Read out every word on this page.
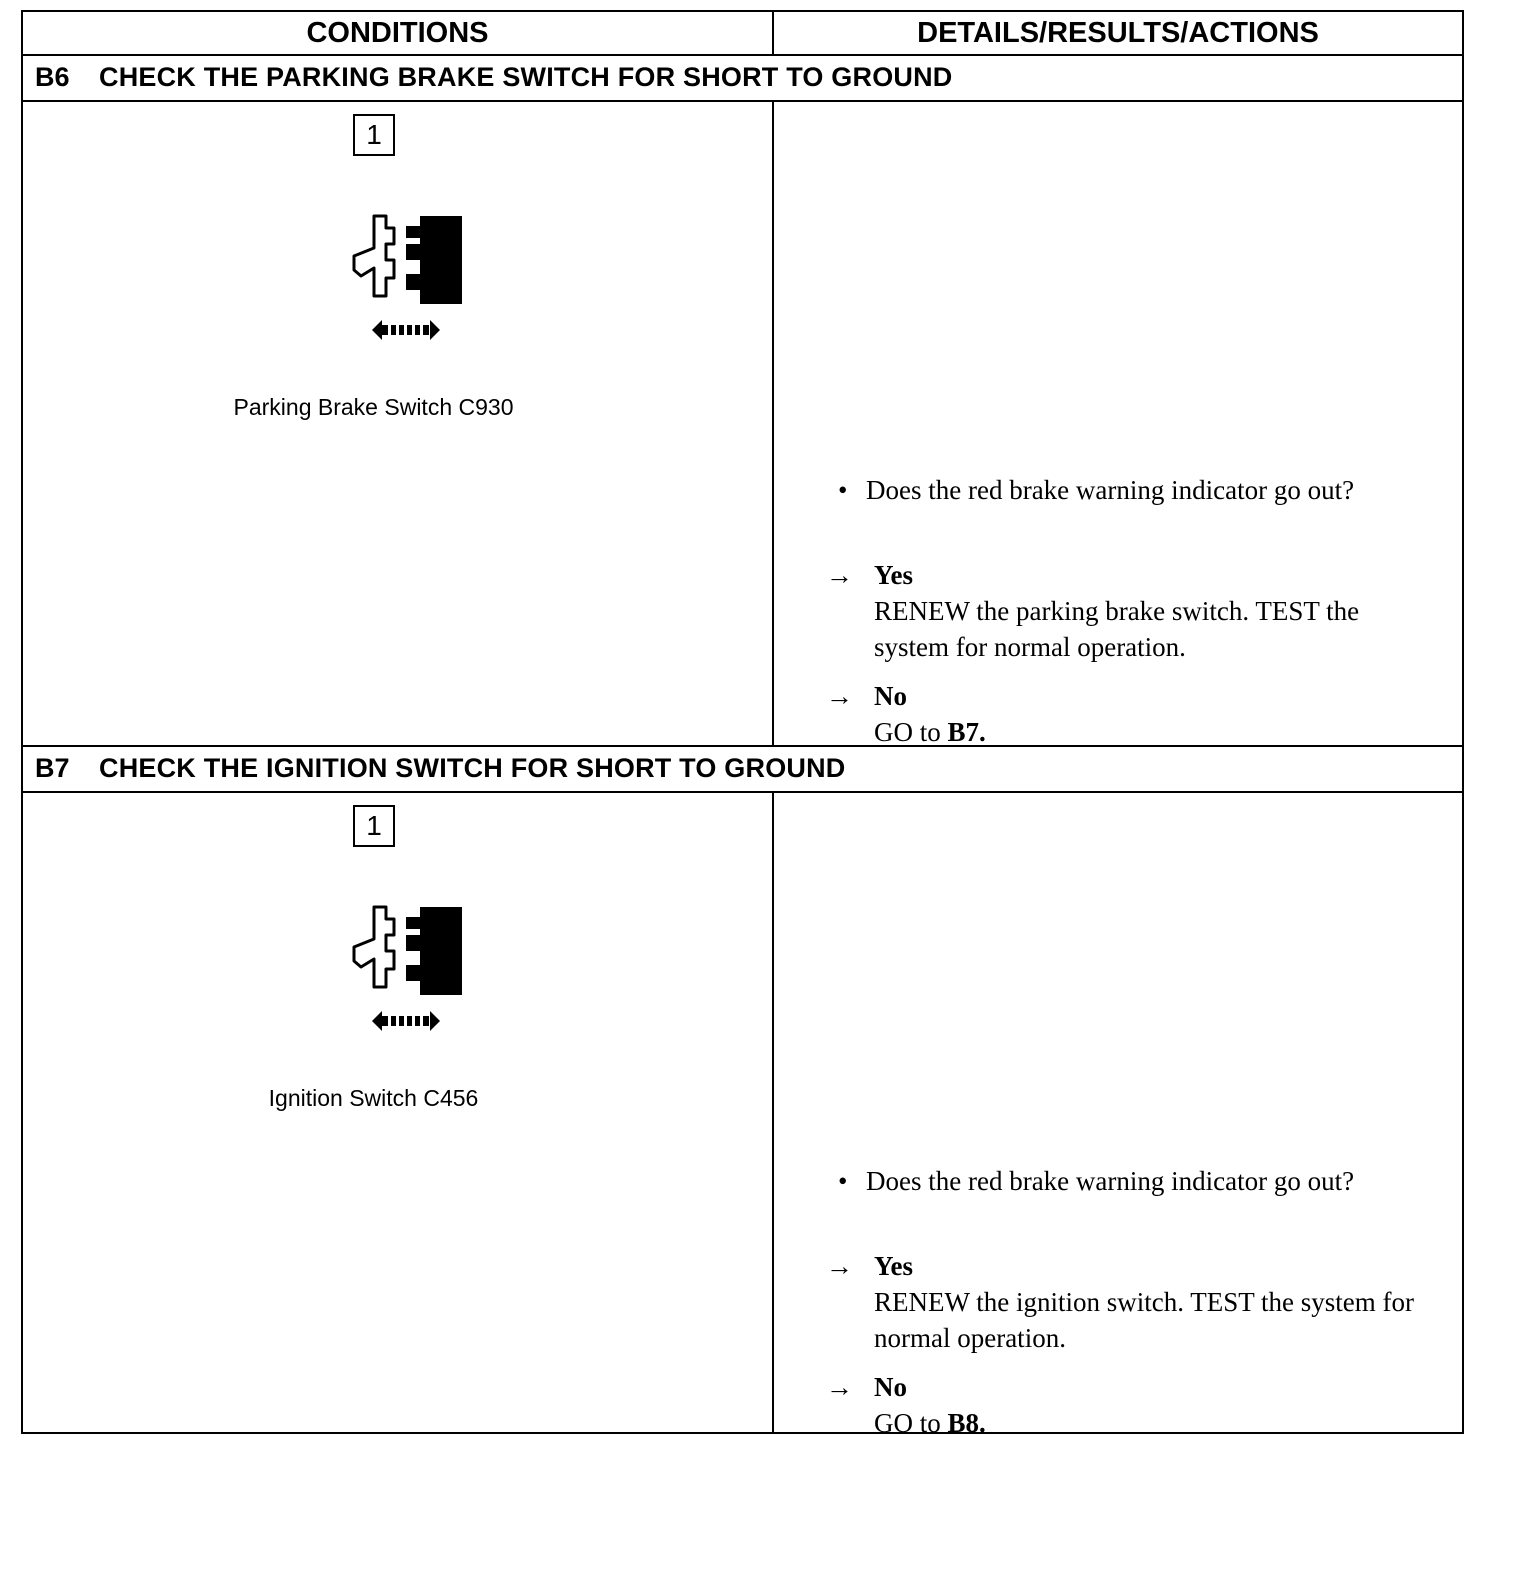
CONDITIONS	DETAILS/RESULTS/ACTIONS
B6 CHECK THE PARKING BRAKE SWITCH FOR SHORT TO GROUND
1
Parking Brake Switch C930
• Does the red brake warning indicator go out?
→ Yes
RENEW the parking brake switch. TEST the system for normal operation.
→ No
GO to B7.
B7 CHECK THE IGNITION SWITCH FOR SHORT TO GROUND
1
Ignition Switch C456
• Does the red brake warning indicator go out?
→ Yes
RENEW the ignition switch. TEST the system for normal operation.
→ No
GO to B8.
